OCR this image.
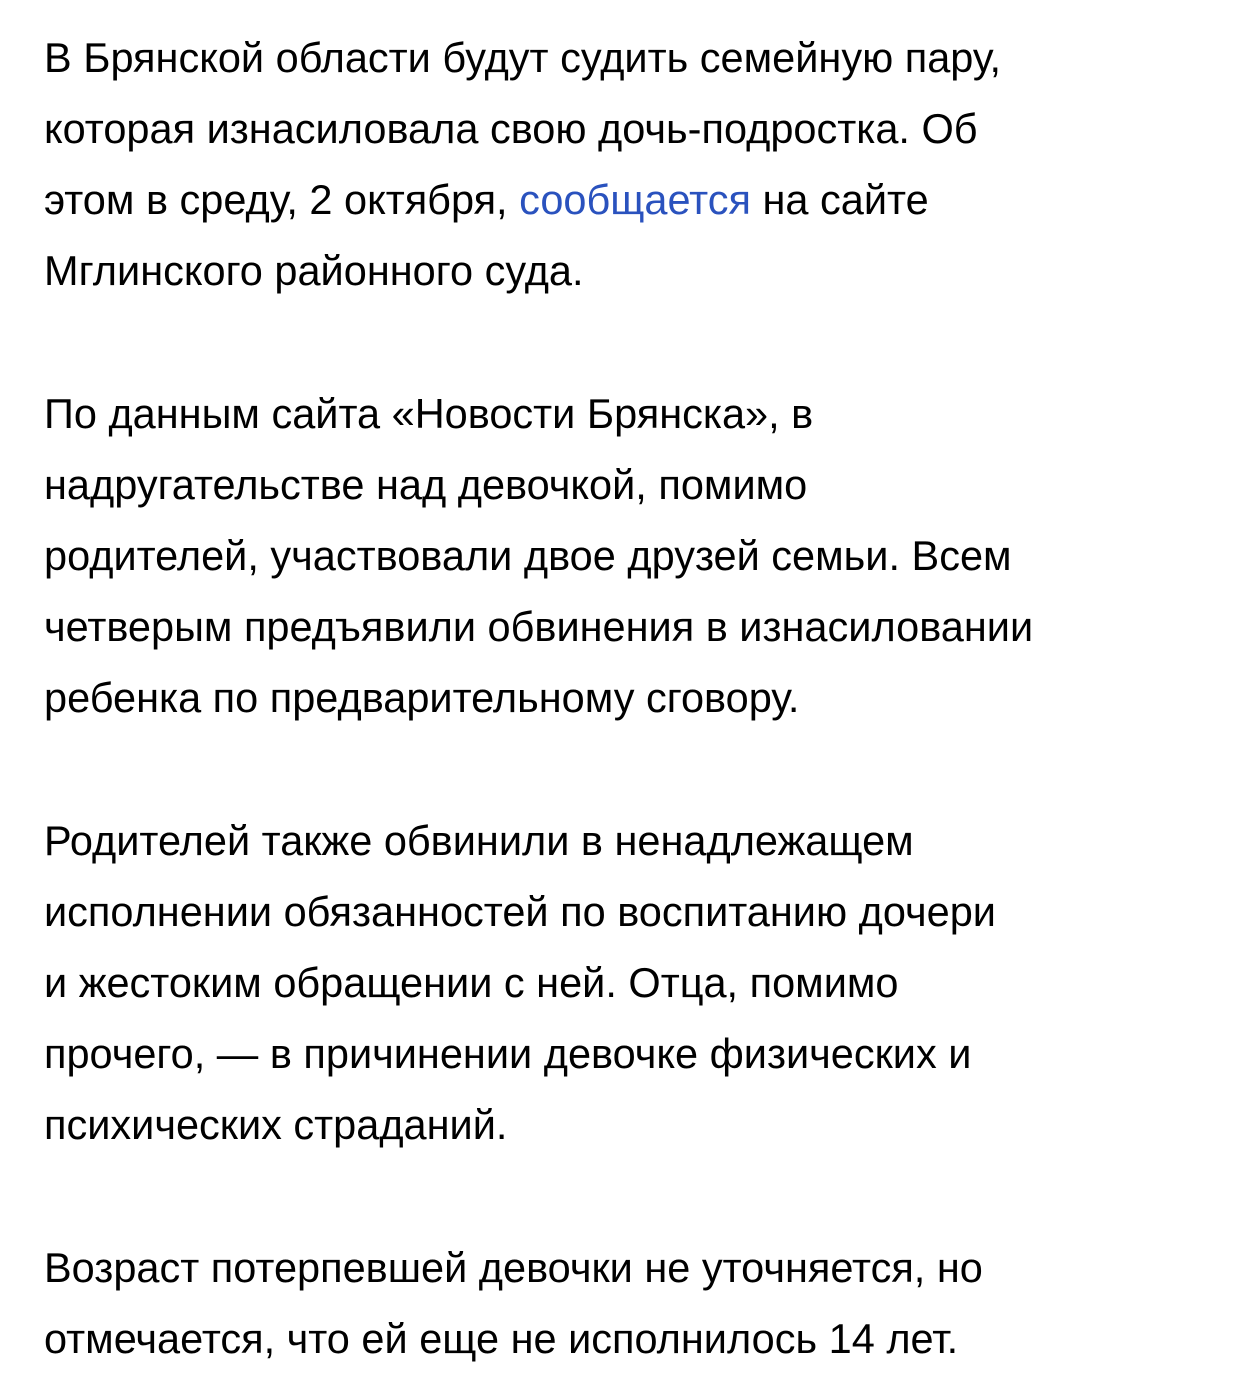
В Брянской области будут судить семейную пару,
которая изнасиловала свою дочь-подростка. Об
этом в среду, 2 октября, сообщается на сайте
Мглинского районного суда.

По данным сайта «Новости Брянска», в
надругательстве над девочкой, помимо
родителей, участвовали двое друзей семьи. Всем
четверым предъявили обвинения в изнасиловании
ребенка по предварительному сговору.

Родителей также обвинили в ненадлежащем
исполнении обязанностей по воспитанию дочери
и жестоким обращении с ней. Отца, помимо
прочего, — в причинении девочке физических и
психических страданий.

Возраст потерпевшей девочки не уточняется, но
отмечается, что ей еще не исполнилось 14 лет.
